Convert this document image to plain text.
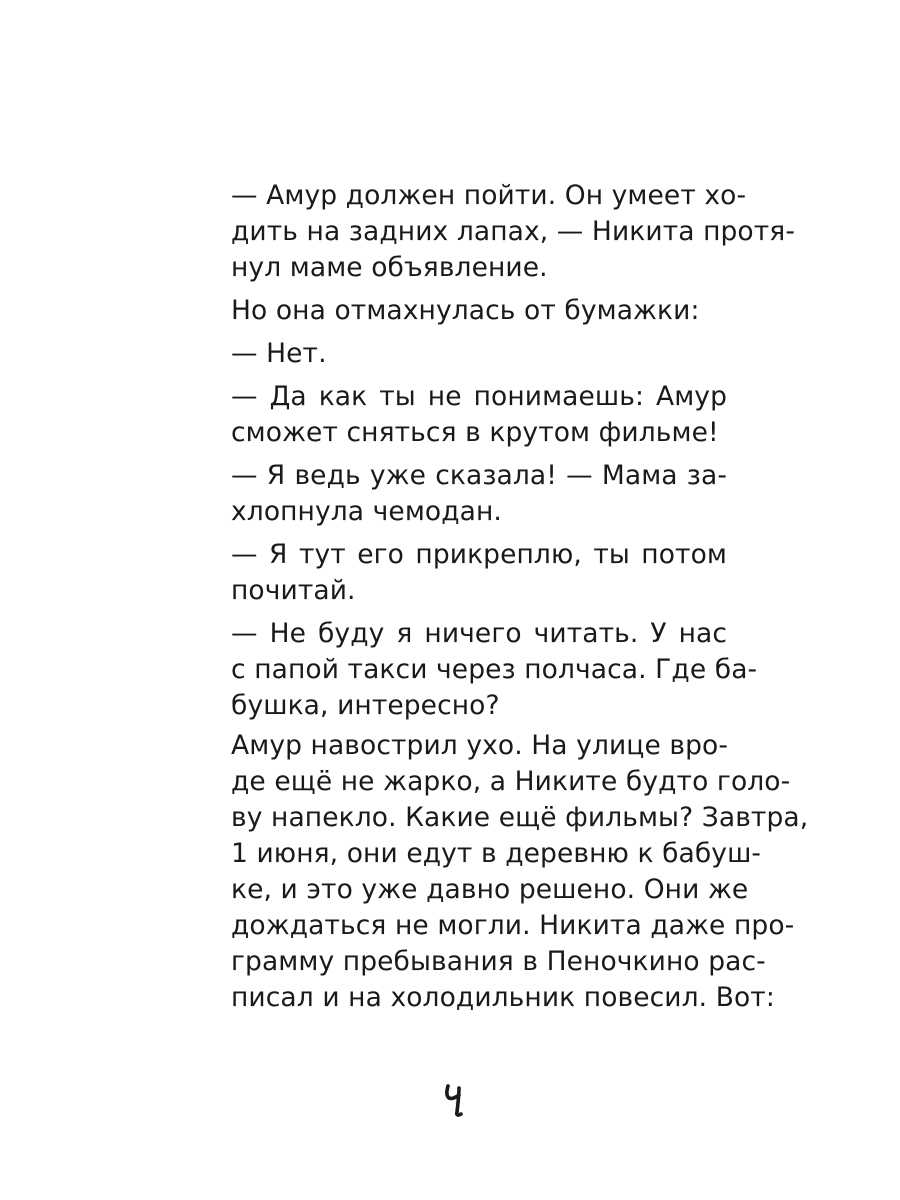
— Амур должен пойти. Он умеет хо-
дить на задних лапах, — Никита протя-
нул маме объявление.

Но она отмахнулась от бумажки:

— Нет.

— Да как ты не понимаешь: Амур
сможет сняться в крутом фильме!

— Я ведь уже сказала! — Мама за-
хлопнула чемодан.

— Я тут его прикреплю, ты потом
почитай.

— Не буду я ничего читать. У нас
с папой такси через полчаса. Где ба-
бушка, интересно?

Амур навострил ухо. На улице вро-
де ещё не жарко, а Никите будто голо-
ву напекло. Какие ещё фильмы? Завтра,
1 июня, они едут в деревню к бабуш-
ке, и это уже давно решено. Они же
дождаться не могли. Никита даже про-
грамму пребывания в Пеночкино рас-
писал и на холодильник повесил. Вот:
